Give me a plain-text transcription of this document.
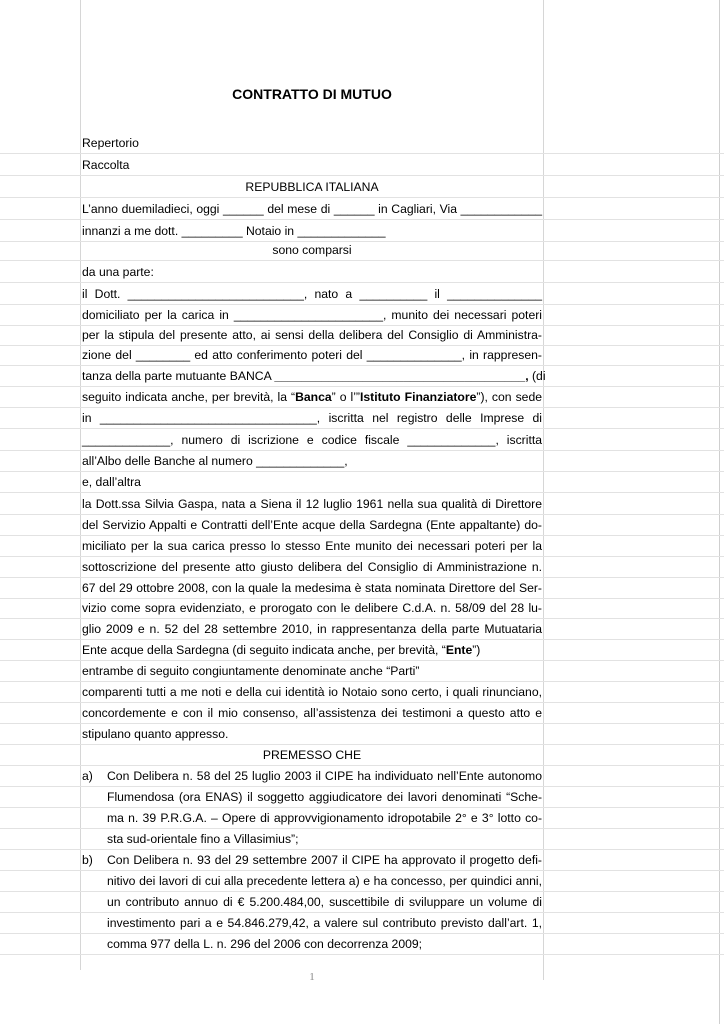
CONTRATTO DI MUTUO
Repertorio
Raccolta
REPUBBLICA ITALIANA
L’anno duemiladieci, oggi ______ del mese di ______ in Cagliari, Via ____________
innanzi a me dott. _________ Notaio in _____________
sono comparsi
da una parte:
il Dott. __________________________, nato a __________ il ______________
domiciliato per la carica in ______________________, munito dei necessari poteri
per la stipula del presente atto, ai sensi della delibera del Consiglio di Amministra-
zione del ________ ed atto conferimento poteri del ______________, in rappresen-
tanza della parte mutuante BANCA _____________________________________, (di
seguito indicata anche, per brevità, la “Banca” o l’”Istituto Finanziatore”), con sede
in ________________________________, iscritta nel registro delle Imprese di
_____________, numero di iscrizione e codice fiscale _____________, iscritta
all’Albo delle Banche al numero _____________,
e, dall’altra
la Dott.ssa Silvia Gaspa, nata a Siena il 12 luglio 1961 nella sua qualità di Direttore
del Servizio Appalti e Contratti dell’Ente acque della Sardegna (Ente appaltante) do-
miciliato per la sua carica presso lo stesso Ente munito dei necessari poteri per la
sottoscrizione del presente atto giusto delibera del Consiglio di Amministrazione n.
67 del 29 ottobre 2008, con la quale la medesima è stata nominata Direttore del Ser-
vizio come sopra evidenziato, e prorogato con le delibere C.d.A. n. 58/09 del 28 lu-
glio 2009 e n. 52 del 28 settembre 2010, in rappresentanza della parte Mutuataria
Ente acque della Sardegna (di seguito indicata anche, per brevità, “Ente”)
entrambe di seguito congiuntamente denominate anche “Parti”
comparenti tutti a me noti e della cui identità io Notaio sono certo, i quali rinunciano,
concordemente e con il mio consenso, all’assistenza dei testimoni a questo atto e
stipulano quanto appresso.
PREMESSO CHE
Con Delibera n. 58 del 25 luglio 2003 il CIPE ha individuato nell’Ente autonomo
a)
Flumendosa (ora ENAS) il soggetto aggiudicatore dei lavori denominati “Sche-
ma n. 39 P.R.G.A. – Opere di approvvigionamento idropotabile 2° e 3° lotto co-
sta sud-orientale fino a Villasimius”;
Con Delibera n. 93 del 29 settembre 2007 il CIPE ha approvato il progetto defi-
b)
nitivo dei lavori di cui alla precedente lettera a) e ha concesso, per quindici anni,
un contributo annuo di € 5.200.484,00, suscettibile di sviluppare un volume di
investimento pari a e 54.846.279,42, a valere sul contributo previsto dall’art. 1,
comma 977 della L. n. 296 del 2006 con decorrenza 2009;
1
